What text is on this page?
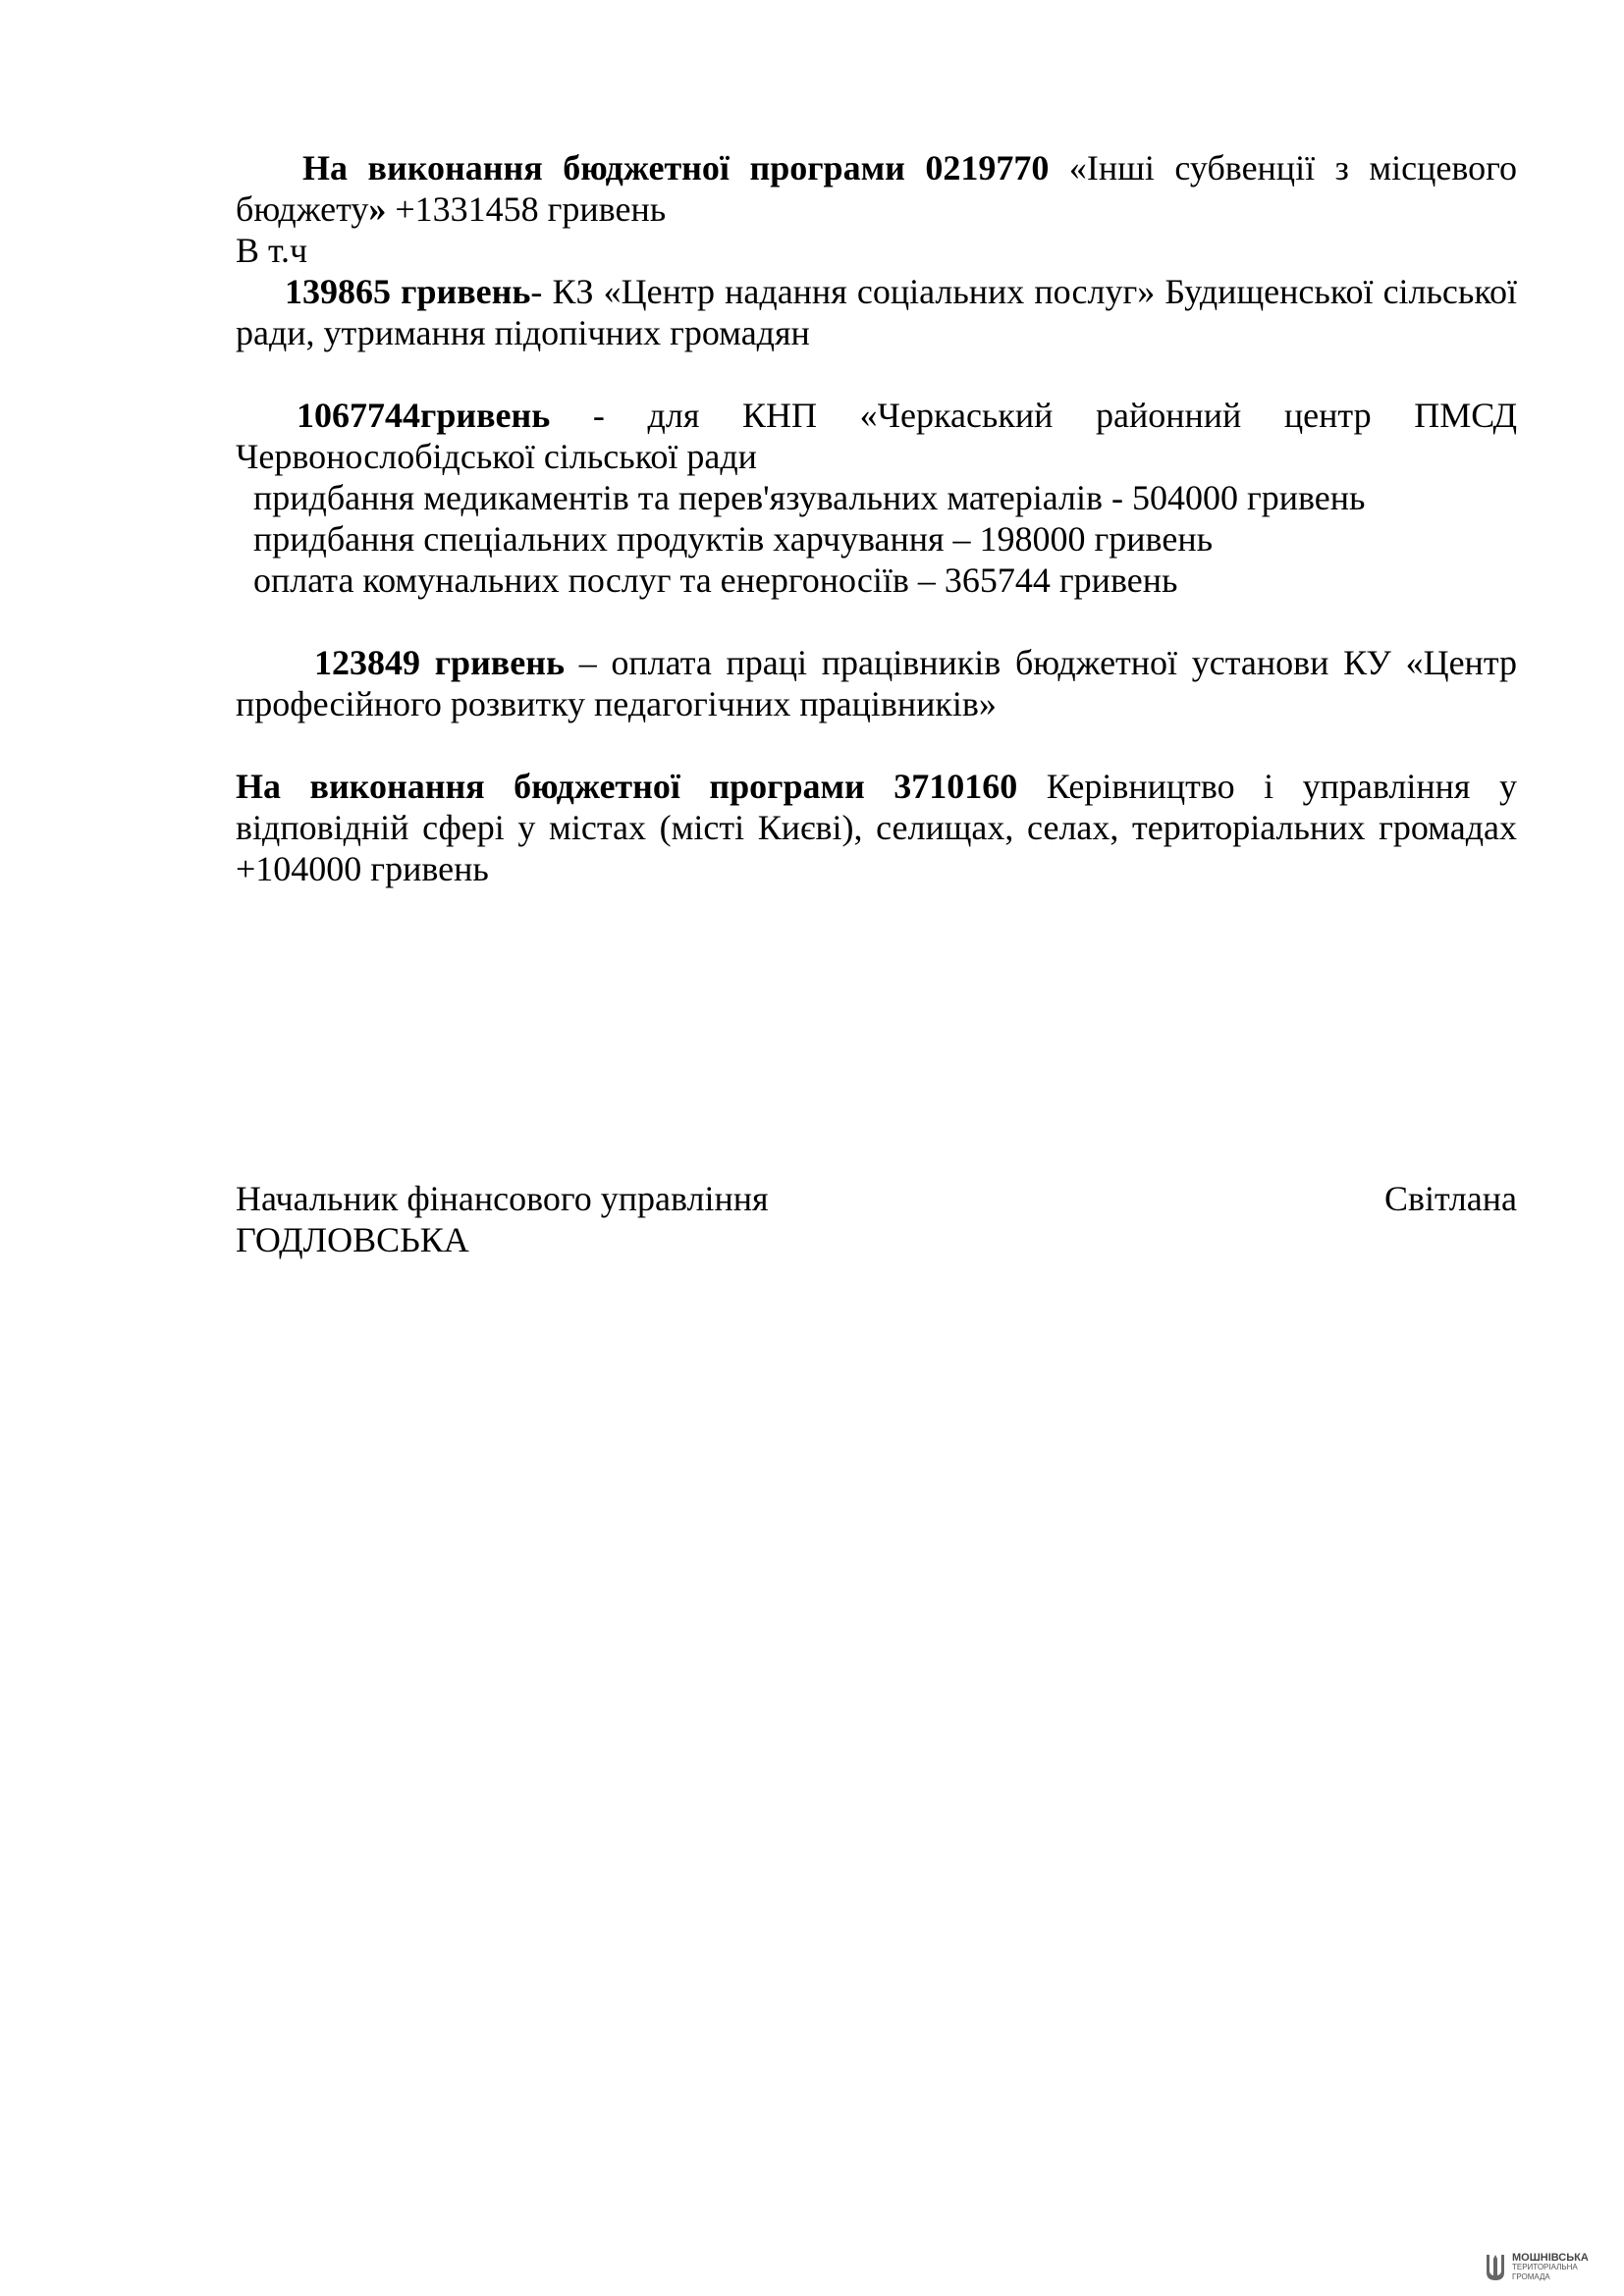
На виконання бюджетної програми 0219770 «Інші субвенції з місцевого бюджету» +1331458 гривень

В т.ч

139865 гривень- КЗ «Центр надання соціальних послуг» Будищенської сільської ради, утримання підопічних громадян

1067744гривень - для КНП «Черкаський районний центр ПМСД Червонослобідської сільської ради

придбання медикаментів та перев'язувальних матеріалів - 504000 гривень

придбання спеціальних продуктів харчування – 198000 гривень

оплата комунальних послуг та енергоносіїв – 365744 гривень

123849 гривень – оплата праці працівників бюджетної установи КУ «Центр професійного розвитку педагогічних працівників»

На виконання бюджетної програми 3710160 Керівництво і управління у відповідній сфері у містах (місті Києві), селищах, селах, територіальних громадах +104000 гривень

Начальник фінансового управління	Світлана
ГОДЛОВСЬКА
МОШНІВСЬКА
ТЕРИТОРІАЛЬНА
ГРОМАДА
